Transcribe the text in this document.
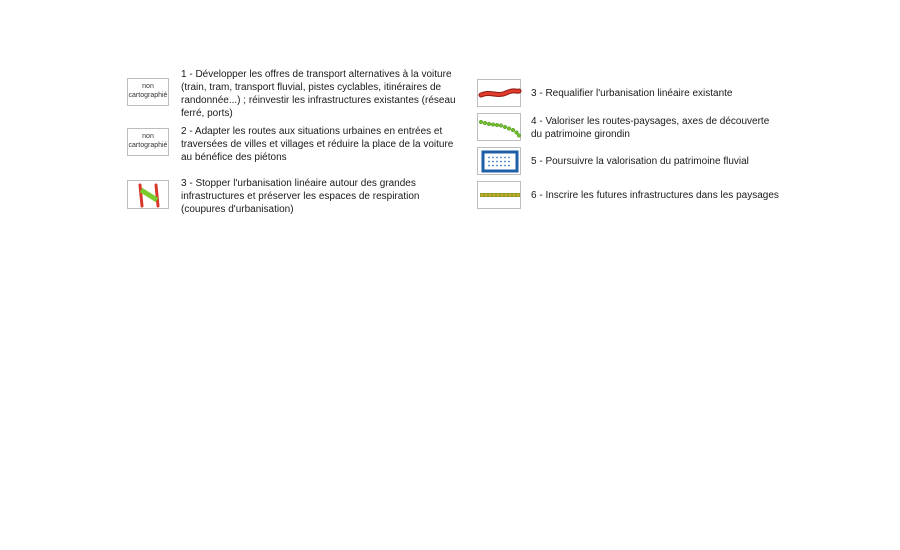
non
cartographié
1 - Développer les offres de transport alternatives à la voiture (train, tram, transport fluvial, pistes cyclables, itinéraires de randonnée...) ; réinvestir les infrastructures existantes (réseau ferré, ports)
non
cartographié
2 - Adapter les routes aux situations urbaines en entrées et traversées de villes et villages et réduire la place de la voiture au bénéfice des piétons
3 - Stopper l'urbanisation linéaire autour des grandes infrastructures et préserver les espaces de respiration (coupures d'urbanisation)
3 - Requalifier l'urbanisation linéaire existante
4 - Valoriser les routes-paysages, axes de découverte du patrimoine girondin
5 - Poursuivre la valorisation du patrimoine fluvial
6 - Inscrire les futures infrastructures dans les paysages
